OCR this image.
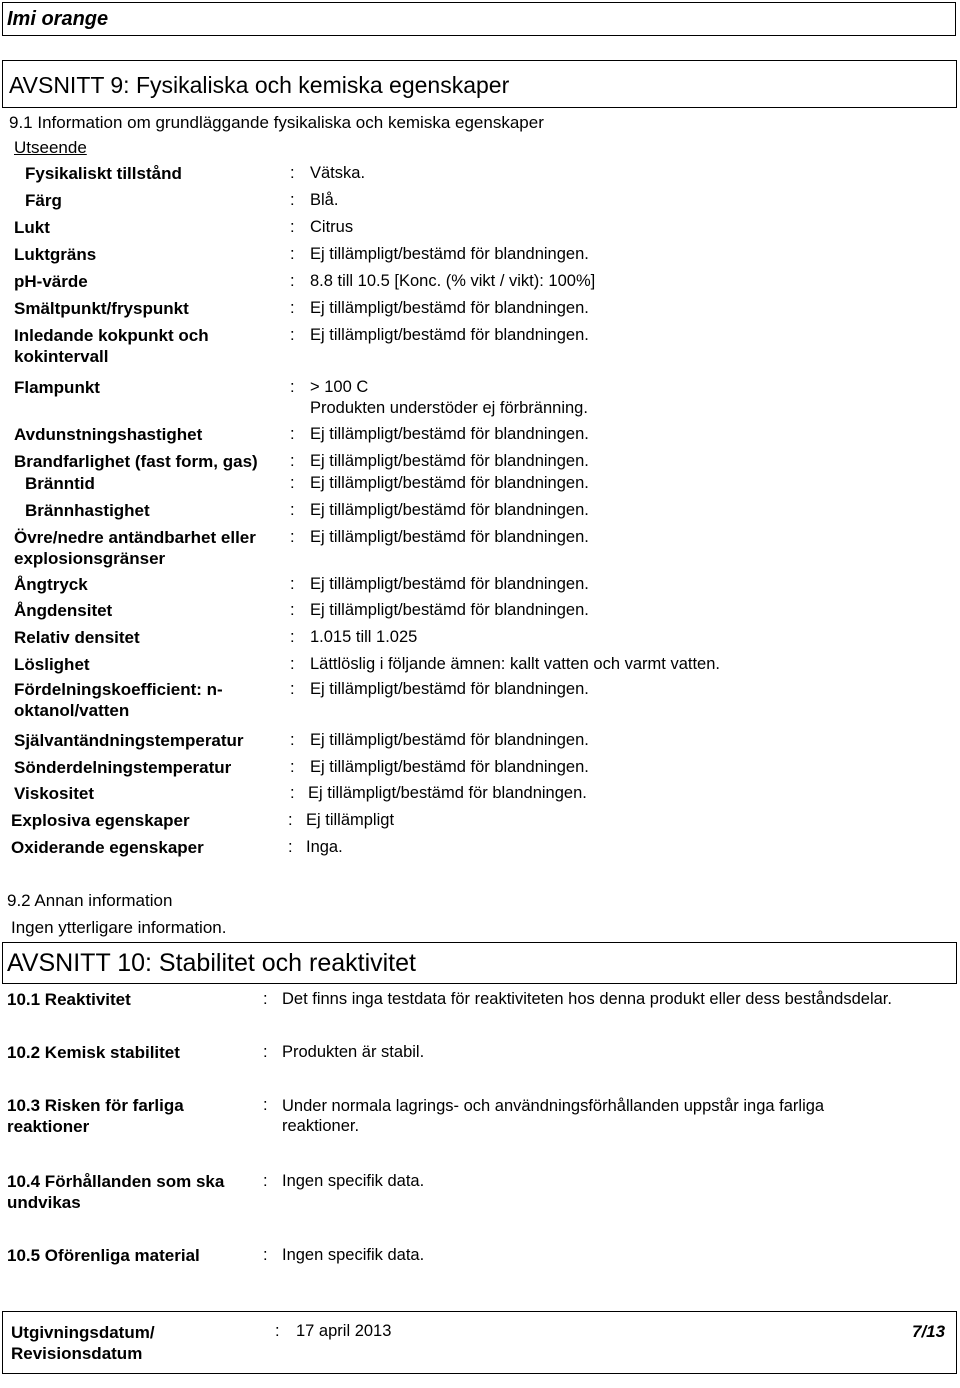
Imi orange
AVSNITT 9: Fysikaliska och kemiska egenskaper
9.1 Information om grundläggande fysikaliska och kemiska egenskaper
Utseende
Fysikaliskt tillstånd	: Vätska.
Färg	: Blå.
Lukt	: Citrus
Luktgräns	: Ej tillämpligt/bestämd för blandningen.
pH-värde	: 8.8 till 10.5 [Konc. (% vikt / vikt): 100%]
Smältpunkt/fryspunkt	: Ej tillämpligt/bestämd för blandningen.
Inledande kokpunkt och kokintervall
: Ej tillämpligt/bestämd för blandningen.
Flampunkt	: > 100 C
Produkten understöder ej förbränning.
Avdunstningshastighet	: Ej tillämpligt/bestämd för blandningen.
Brandfarlighet (fast form, gas) : Ej tillämpligt/bestämd för blandningen.
Bränntid	: Ej tillämpligt/bestämd för blandningen.
Brännhastighet	: Ej tillämpligt/bestämd för blandningen.
Övre/nedre antändbarhet eller explosionsgränser
: Ej tillämpligt/bestämd för blandningen.
Ångtryck	: Ej tillämpligt/bestämd för blandningen.
Ångdensitet	: Ej tillämpligt/bestämd för blandningen.
Relativ densitet	: 1.015 till 1.025
Löslighet	: Lättlöslig i följande ämnen: kallt vatten och varmt vatten.
Fördelningskoefficient: n-oktanol/vatten
: Ej tillämpligt/bestämd för blandningen.
Självantändningstemperatur	: Ej tillämpligt/bestämd för blandningen.
Sönderdelningstemperatur	: Ej tillämpligt/bestämd för blandningen.
Viskositet	: Ej tillämpligt/bestämd för blandningen.
Explosiva egenskaper	: Ej tillämpligt
Oxiderande egenskaper	: Inga.
9.2 Annan information
Ingen ytterligare information.
AVSNITT 10: Stabilitet och reaktivitet
10.1 Reaktivitet	: Det finns inga testdata för reaktiviteten hos denna produkt eller dess beståndsdelar.
10.2 Kemisk stabilitet	: Produkten är stabil.
10.3 Risken för farliga reaktioner
: Under normala lagrings- och användningsförhållanden uppstår inga farliga reaktioner.
10.4 Förhållanden som ska undvikas
: Ingen specifik data.
10.5 Oförenliga material	: Ingen specifik data.
Utgivningsdatum/ Revisionsdatum
: 17 april 2013	7/13
